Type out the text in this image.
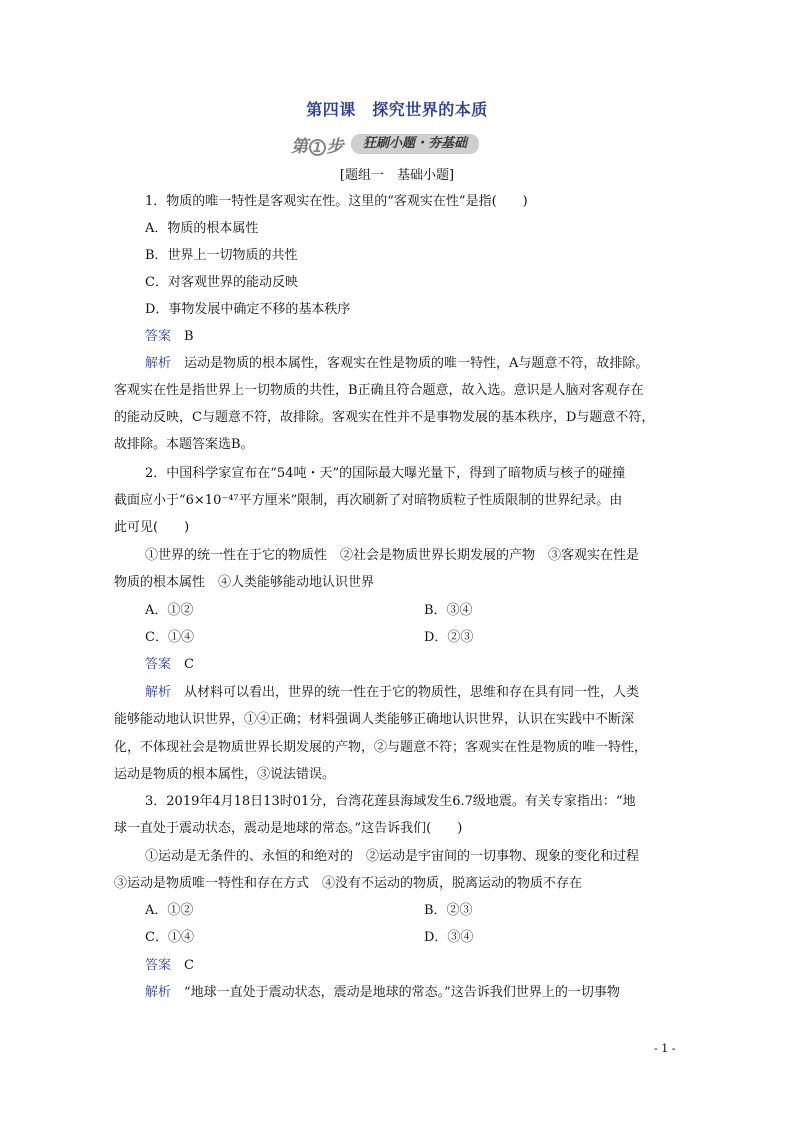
第四课　探究世界的本质
第 1 步	狂刷小题・夯基础
[题组一　基础小题]
1．物质的唯一特性是客观实在性。这里的“客观实在性”是指(　　)
A．物质的根本属性
B．世界上一切物质的共性
C．对客观世界的能动反映
D．事物发展中确定不移的基本秩序
答案　 B
解析　 运动是物质的根本属性，客观实在性是物质的唯一特性，A与题意不符，故排除。
客观实在性是指世界上一切物质的共性，B正确且符合题意，故入选。意识是人脑对客观存在
的能动反映，C与题意不符，故排除。客观实在性并不是事物发展的基本秩序，D与题意不符，
故排除。本题答案选B。
2．中国科学家宣布在“54吨・天”的国际最大曝光量下，得到了暗物质与核子的碰撞
截面应小于“6×10⁻⁴⁷平方厘米”限制，再次刷新了对暗物质粒子性质限制的世界纪录。由
此可见(　　)
①世界的统一性在于它的物质性　②社会是物质世界长期发展的产物　③客观实在性是
物质的根本属性　④人类能够能动地认识世界
A．①②	B．③④
C．①④	D．②③
答案　 C
解析　 从材料可以看出，世界的统一性在于它的物质性，思维和存在具有同一性，人类
能够能动地认识世界，①④正确；材料强调人类能够正确地认识世界，认识在实践中不断深
化，不体现社会是物质世界长期发展的产物，②与题意不符；客观实在性是物质的唯一特性，
运动是物质的根本属性，③说法错误。
3．2019年4月18日13时01分，台湾花莲县海域发生6.7级地震。有关专家指出：“地
球一直处于震动状态，震动是地球的常态。”这告诉我们(　　)
①运动是无条件的、永恒的和绝对的　②运动是宇宙间的一切事物、现象的变化和过程
③运动是物质唯一特性和存在方式　④没有不运动的物质，脱离运动的物质不存在
A．①②	B．②③
C．①④	D．③④
答案　 C
解析　 “地球一直处于震动状态，震动是地球的常态。”这告诉我们世界上的一切事物
- 1 -
